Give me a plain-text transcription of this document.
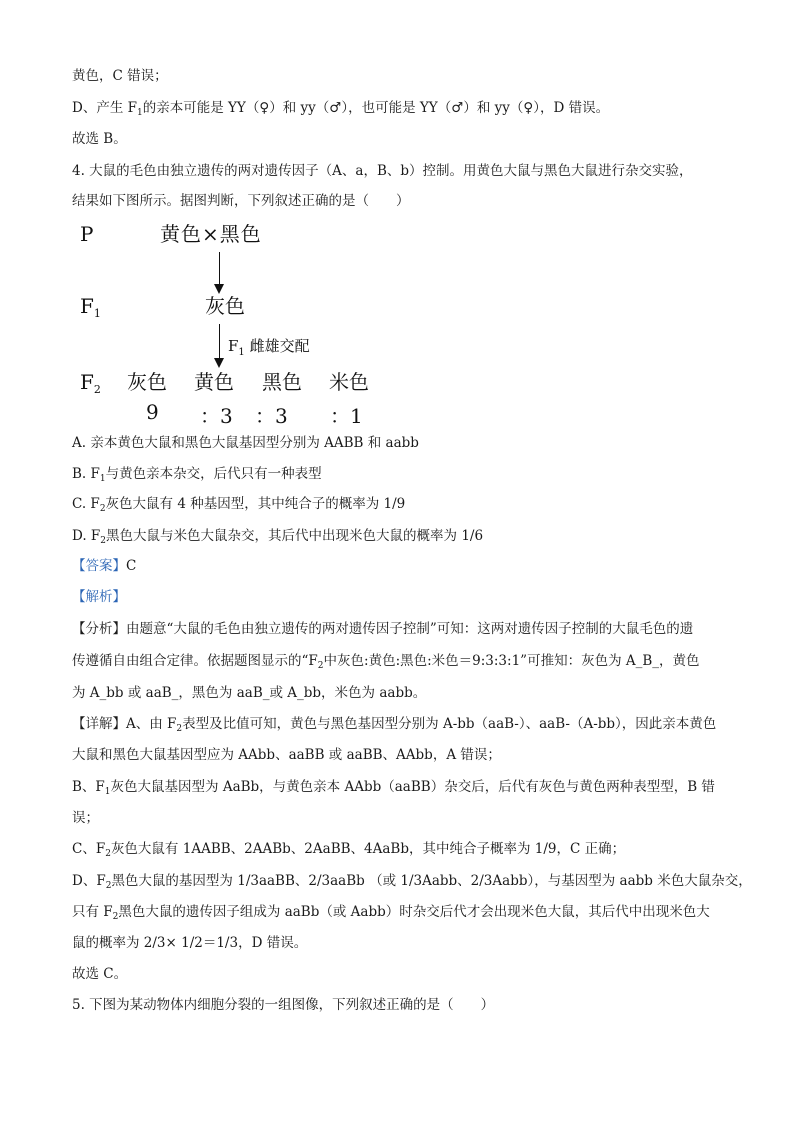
黄色，C 错误；
D、产生 $F_1$的亲本可能是 YY（♀）和 yy（♂），也可能是 YY（♂）和 yy（♀），D 错误。
故选 B。
4. 大鼠的毛色由独立遗传的两对遗传因子（A、a，B、b）控制。用黄色大鼠与黑色大鼠进行杂交实验，
结果如下图所示。据图判断，下列叙述正确的是（　　）
P	黄色×黑色
$F_1$	灰色
$F_1$ 雌雄交配
$F_2$ 灰色 黄色 黑色 米色
9 ：3 ：3 ：1
A. 亲本黄色大鼠和黑色大鼠基因型分别为 AABB 和 aabb
B. $F_1$与黄色亲本杂交，后代只有一种表型
C. $F_2$灰色大鼠有 4 种基因型，其中纯合子的概率为 1/9
D. $F_2$黑色大鼠与米色大鼠杂交，其后代中出现米色大鼠的概率为 1/6
【答案】C
【解析】
【分析】由题意“大鼠的毛色由独立遗传的两对遗传因子控制”可知：这两对遗传因子控制的大鼠毛色的遗
传遵循自由组合定律。依据题图显示的“$F_2$中灰色:黄色:黑色:米色＝9:3:3:1”可推知：灰色为 A_B_，黄色
为 A_bb 或 aaB_，黑色为 aaB_或 A_bb，米色为 aabb。
【详解】A、由 $F_2$表型及比值可知，黄色与黑色基因型分别为 A-bb（aaB-）、aaB-（A-bb），因此亲本黄色
大鼠和黑色大鼠基因型应为 AAbb、aaBB 或 aaBB、AAbb，A 错误；
B、$F_1$灰色大鼠基因型为 AaBb，与黄色亲本 AAbb（aaBB）杂交后，后代有灰色与黄色两种表型型，B 错
误；
C、$F_2$灰色大鼠有 1AABB、2AABb、2AaBB、4AaBb，其中纯合子概率为 1/9，C 正确；
D、$F_2$黑色大鼠的基因型为 1/3aaBB、2/3aaBb （或 1/3Aabb、2/3Aabb），与基因型为 aabb 米色大鼠杂交，
只有 $F_2$黑色大鼠的遗传因子组成为 aaBb（或 Aabb）时杂交后代才会出现米色大鼠，其后代中出现米色大
鼠的概率为 2/3× 1/2＝1/3，D 错误。
故选 C。
5. 下图为某动物体内细胞分裂的一组图像，下列叙述正确的是（　　）
